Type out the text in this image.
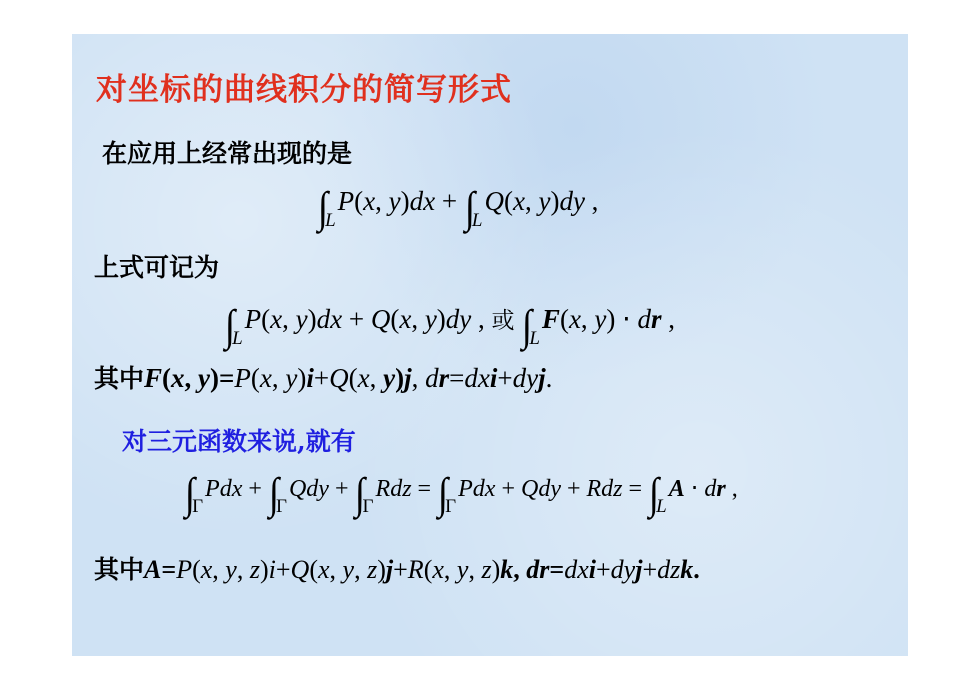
对坐标的曲线积分的简写形式
在应用上经常出现的是
$\int_LP(x$, $y)dx + \int_LQ(x$, y)dy ,
上式可记为
$\int_LP(x$, y)dx + Q(x, y)dy , 或 $\int_LF(x$, y) ⋅ dr ,
其中F(x, y)=P(x, y)i+Q(x, y)j, dr=dxi+dyj.
对三元函数来说,就有
$\int_\Gamma Pdx + \int_\Gamma Qdy + \int_\Gamma Rdz = \int_\Gamma Pdx$ + Qdy + Rdz = $\int_LA$ ⋅ dr ,
其中A=P(x, y, z)i+Q(x, y, z)j+R(x, y, z)k, dr=dxi+dyj+dzk.
